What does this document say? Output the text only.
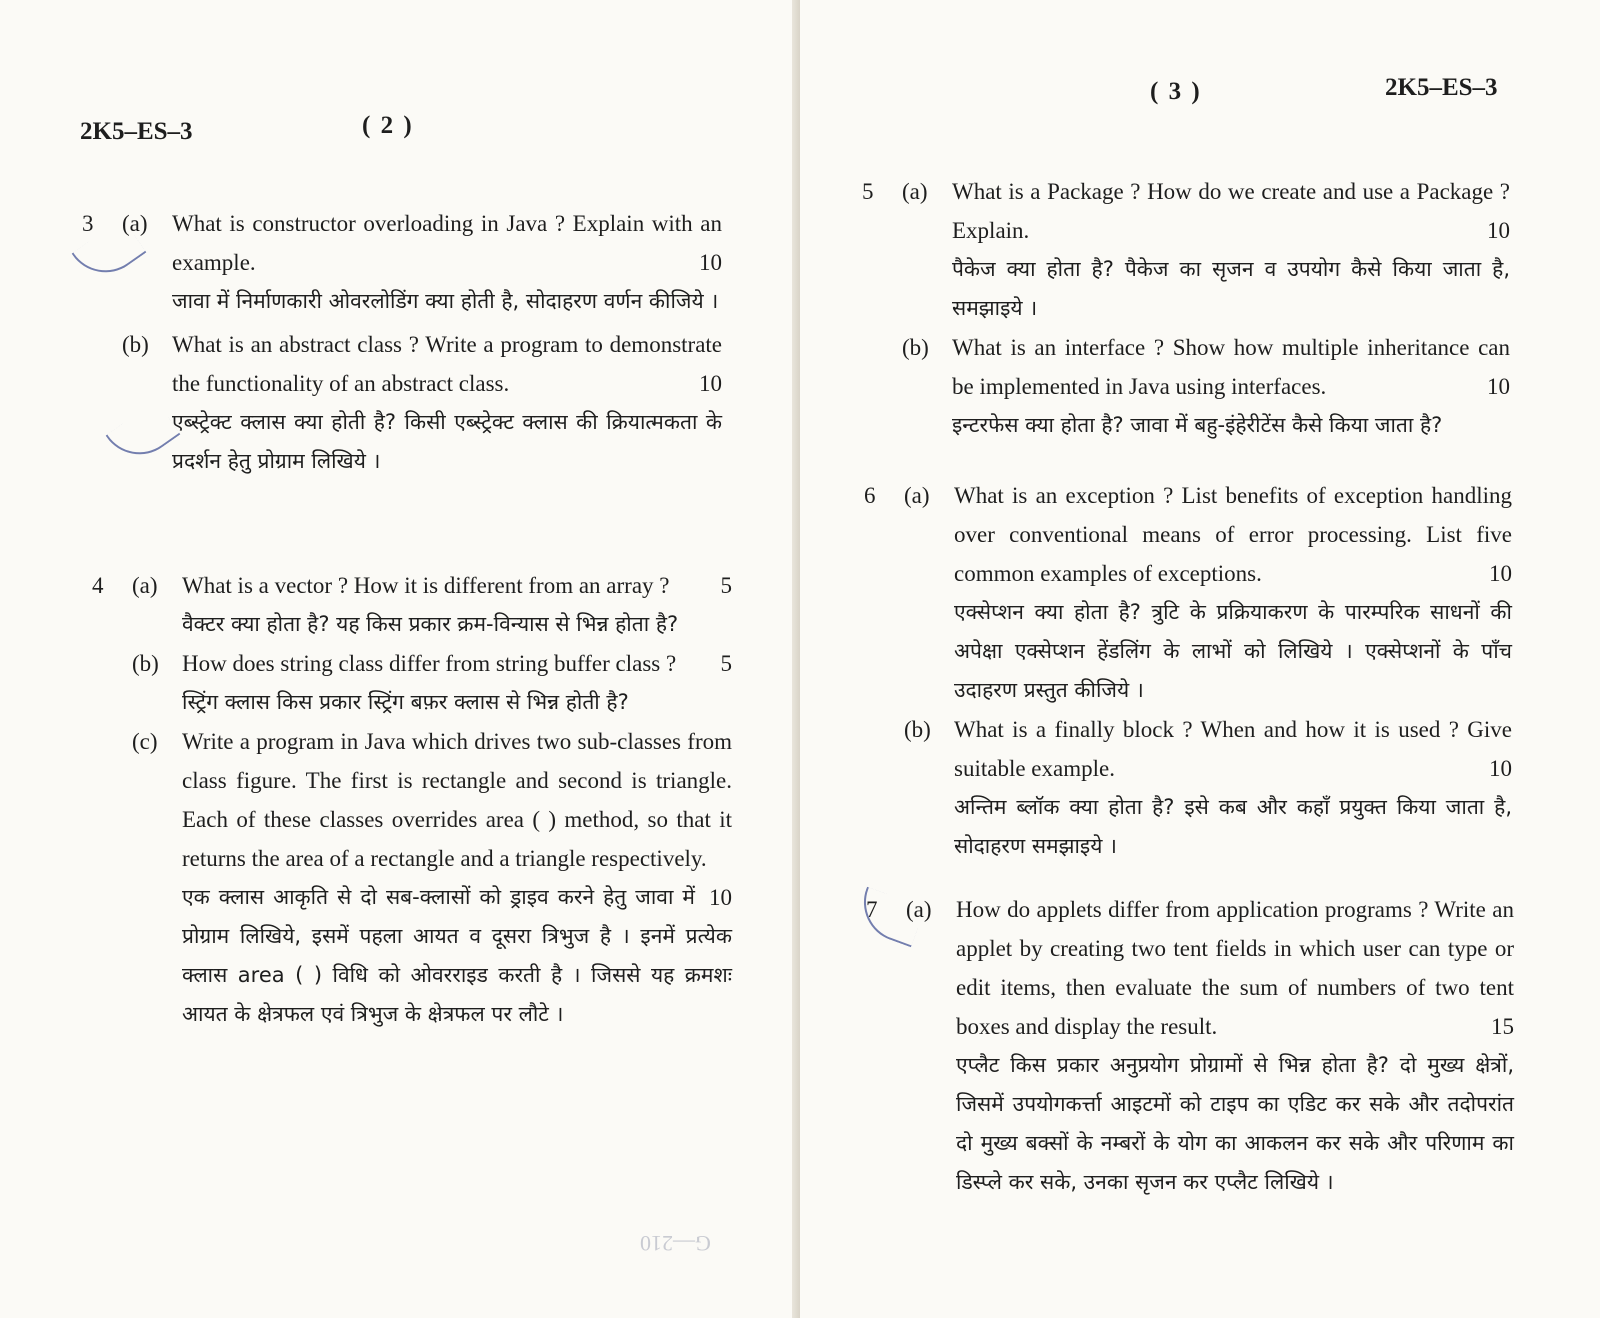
2K5–ES–3	( 2 )
3	(a)	What is constructor overloading in Java ? Explain with an example.	10
जावा में निर्माणकारी ओवरलोडिंग क्या होती है, सोदाहरण वर्णन कीजिये ।
(b)	What is an abstract class ? Write a program to demonstrate the functionality of an abstract class.	10
एब्स्ट्रेक्ट क्लास क्या होती है? किसी एब्स्ट्रेक्ट क्लास की क्रियात्मकता के प्रदर्शन हेतु प्रोग्राम लिखिये ।
4	(a)	What is a vector ? How it is different from an array ? 5
वैक्टर क्या होता है? यह किस प्रकार क्रम-विन्यास से भिन्न होता है?
(b)	How does string class differ from string buffer class ? 5
स्ट्रिंग क्लास किस प्रकार स्ट्रिंग बफ़र क्लास से भिन्न होती है?
(c)	Write a program in Java which drives two sub-classes from class figure. The first is rectangle and second is triangle. Each of these classes overrides area ( ) method, so that it returns the area of a rectangle and a triangle respectively.
10
एक क्लास आकृति से दो सब-क्लासों को ड्राइव करने हेतु जावा में प्रोग्राम लिखिये, इसमें पहला आयत व दूसरा त्रिभुज है । इनमें प्रत्येक क्लास area ( ) विधि को ओवरराइड करती है । जिससे यह क्रमशः आयत के क्षेत्रफल एवं त्रिभुज के क्षेत्रफल पर लौटे ।
G—210
( 3 )	2K5–ES–3
5	(a)	What is a Package ? How do we create and use a Package ? Explain.	10
पैकेज क्या होता है? पैकेज का सृजन व उपयोग कैसे किया जाता है, समझाइये ।
(b)	What is an interface ? Show how multiple inheritance can be implemented in Java using interfaces.	10
इन्टरफेस क्या होता है? जावा में बहु-इंहेरीटेंस कैसे किया जाता है?
6	(a)	What is an exception ? List benefits of exception handling over conventional means of error processing. List five common examples of exceptions.	10
एक्सेप्शन क्या होता है? त्रुटि के प्रक्रियाकरण के पारम्परिक साधनों की अपेक्षा एक्सेप्शन हेंडलिंग के लाभों को लिखिये । एक्सेप्शनों के पाँच उदाहरण प्रस्तुत कीजिये ।
(b)	What is a finally block ? When and how it is used ? Give suitable example.	10
अन्तिम ब्लॉक क्या होता है? इसे कब और कहाँ प्रयुक्त किया जाता है, सोदाहरण समझाइये ।
7	(a)	How do applets differ from application programs ? Write an applet by creating two tent fields in which user can type or edit items, then evaluate the sum of numbers of two tent boxes and display the result.	15
एप्लैट किस प्रकार अनुप्रयोग प्रोग्रामों से भिन्न होता है? दो मुख्य क्षेत्रों, जिसमें उपयोगकर्त्ता आइटमों को टाइप का एडिट कर सके और तदोपरांत दो मुख्य बक्सों के नम्बरों के योग का आकलन कर सके और परिणाम का डिस्प्ले कर सके, उनका सृजन कर एप्लैट लिखिये ।
